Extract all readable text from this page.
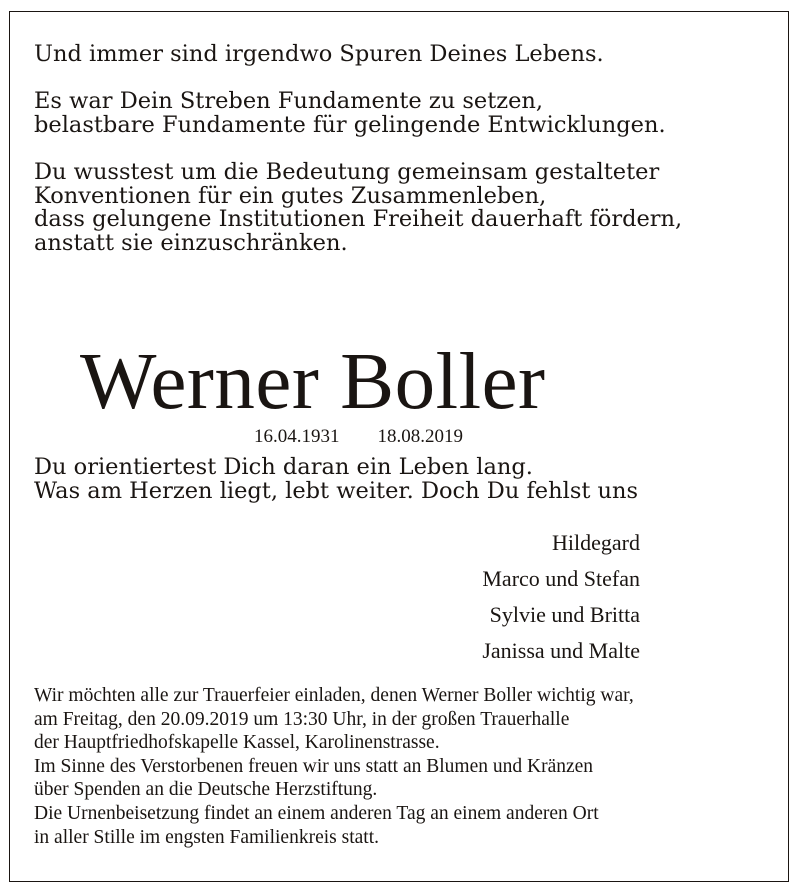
Und immer sind irgendwo Spuren Deines Lebens.
Es war Dein Streben Fundamente zu setzen,
belastbare Fundamente für gelingende Entwicklungen.
Du wusstest um die Bedeutung gemeinsam gestalteter
Konventionen für ein gutes Zusammenleben,
dass gelungene Institutionen Freiheit dauerhaft fördern,
anstatt sie einzuschränken.
Werner Boller
16.04.1931 18.08.2019
Du orientiertest Dich daran ein Leben lang.
Was am Herzen liegt, lebt weiter. Doch Du fehlst uns
Hildegard
Marco und Stefan
Sylvie und Britta
Janissa und Malte
Wir möchten alle zur Trauerfeier einladen, denen Werner Boller wichtig war,
am Freitag, den 20.09.2019 um 13:30 Uhr, in der großen Trauerhalle
der Hauptfriedhofskapelle Kassel, Karolinenstrasse.
Im Sinne des Verstorbenen freuen wir uns statt an Blumen und Kränzen
über Spenden an die Deutsche Herzstiftung.
Die Urnenbeisetzung findet an einem anderen Tag an einem anderen Ort
in aller Stille im engsten Familienkreis statt.
